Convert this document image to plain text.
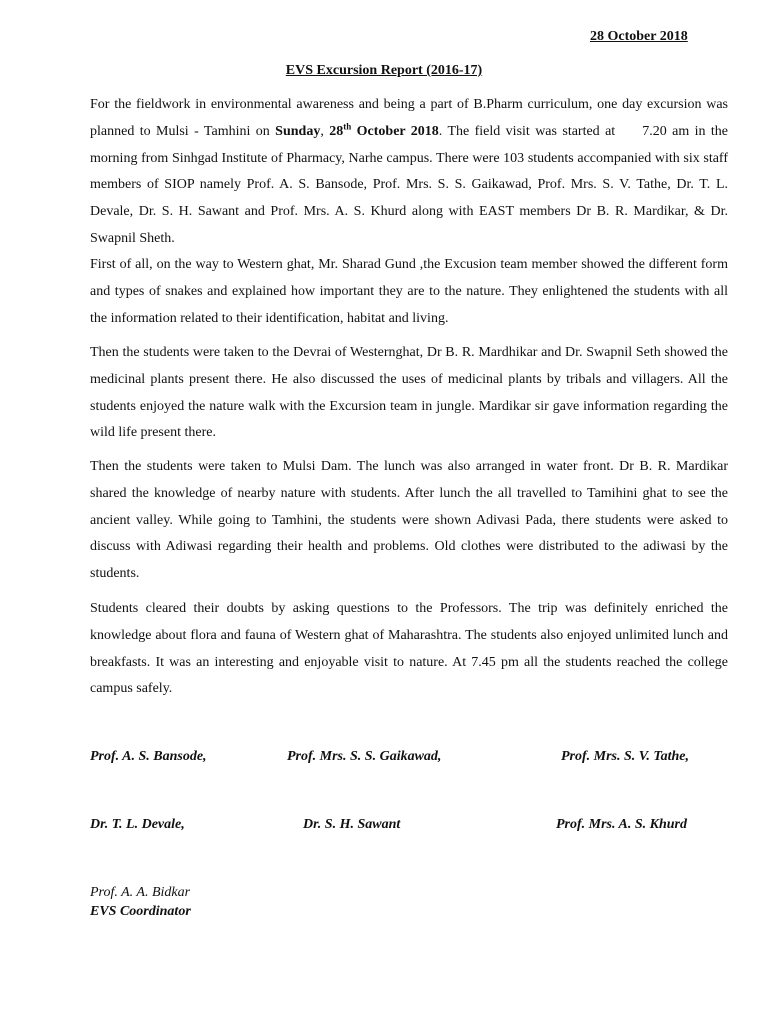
28 October 2018
EVS Excursion Report (2016-17)

For the fieldwork in environmental awareness and being a part of B.Pharm curriculum, one day excursion was planned to Mulsi - Tamhini on Sunday, 28th October 2018. The field visit was started at     7.20 am in the morning from Sinhgad Institute of Pharmacy, Narhe campus. There were 103 students accompanied with six staff members of SIOP namely Prof. A. S. Bansode, Prof. Mrs. S. S. Gaikawad, Prof. Mrs. S. V. Tathe, Dr. T. L. Devale, Dr. S. H. Sawant and Prof. Mrs. A. S. Khurd along with EAST members Dr B. R. Mardikar, & Dr. Swapnil Sheth.

First of all, on the way to Western ghat, Mr. Sharad Gund ,the Excusion team member showed the different form and types of snakes and explained how important they are to the nature. They enlightened the students with all the information related to their identification, habitat and living.

Then the students were taken to the Devrai of Westernghat, Dr B. R. Mardhikar and Dr. Swapnil Seth showed the medicinal plants present there. He also discussed the uses of medicinal plants by tribals and villagers. All the students enjoyed the nature walk with the Excursion team in jungle. Mardikar sir gave information regarding the wild life present there.

Then the students were taken to Mulsi Dam. The lunch was also arranged in water front. Dr B. R. Mardikar shared the knowledge of nearby nature with students. After lunch the all travelled to Tamihini ghat to see the ancient valley. While going to Tamhini, the students were shown Adivasi Pada, there students were asked to discuss with Adiwasi regarding their health and problems. Old clothes were distributed to the adiwasi by the students.

Students cleared their doubts by asking questions to the Professors. The trip was definitely enriched the knowledge about flora and fauna of Western ghat of Maharashtra. The students also enjoyed unlimited lunch and breakfasts. It was an interesting and enjoyable visit to nature. At 7.45 pm all the students reached the college campus safely.

Prof. A. S. Bansode,	Prof. Mrs. S. S. Gaikawad,	Prof. Mrs. S. V. Tathe,
Dr. T. L. Devale,	Dr. S. H. Sawant	Prof. Mrs. A. S. Khurd
Prof. A. A. Bidkar
EVS Coordinator
